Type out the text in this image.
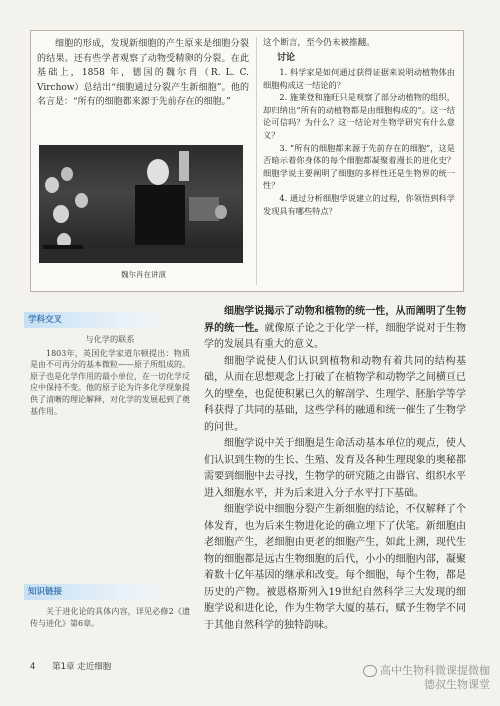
细胞的形成，发现新细胞的产生原来是细胞分裂的结果。还有些学者观察了动物受精卵的分裂。在此基础上，1858 年，德国的魏尔肖（R. L. C. Virchow）总结出“细胞通过分裂产生新细胞”。他的名言是：“所有的细胞都来源于先前存在的细胞。”
魏尔肖在讲演
这个断言，至今仍未被推翻。
讨论

1. 科学家是如何通过获得证据来说明动植物体由细胞构成这一结论的？

2. 施莱登和施旺只是观察了部分动植物的组织，却归纳出“所有的动植物都是由细胞构成的”。这一结论可信吗？为什么？这一结论对生物学研究有什么意义？

3. “所有的细胞都来源于先前存在的细胞”，这是否暗示着你身体的每个细胞都凝聚着漫长的进化史？细胞学说主要阐明了细胞的多样性还是生物界的统一性？

4. 通过分析细胞学说建立的过程，你领悟到科学发现具有哪些特点？

学科交叉
与化学的联系

1803年，英国化学家道尔顿提出：物质是由不可再分的基本微粒——原子所组成的。原子也是化学作用的最小单位，在一切化学反应中保持不变。他的原子论为许多化学现象提供了清晰的理论解释，对化学的发展起到了奠基作用。

知识链接

关于进化论的具体内容，详见必修2《遗传与进化》第6章。

细胞学说揭示了动物和植物的统一性，从而阐明了生物界的统一性。就像原子论之于化学一样，细胞学说对于生物学的发展具有重大的意义。

细胞学说使人们认识到植物和动物有着共同的结构基础，从而在思想观念上打破了在植物学和动物学之间横亘已久的壁垒，也促使积累已久的解剖学、生理学、胚胎学等学科获得了共同的基础，这些学科的融通和统一催生了生物学的问世。

细胞学说中关于细胞是生命活动基本单位的观点，使人们认识到生物的生长、生殖、发育及各种生理现象的奥秘都需要到细胞中去寻找，生物学的研究随之由器官、组织水平进入细胞水平，并为后来进入分子水平打下基础。

细胞学说中细胞分裂产生新细胞的结论，不仅解释了个体发育，也为后来生物进化论的确立埋下了伏笔。新细胞由老细胞产生，老细胞由更老的细胞产生，如此上溯，现代生物的细胞都是远古生物细胞的后代，小小的细胞内部，凝聚着数十亿年基因的继承和改变。每个细胞，每个生物，都是历史的产物。被恩格斯列入19世纪自然科学三大发现的细胞学说和进化论，作为生物学大厦的基石，赋予生物学不同于其他自然科学的独特韵味。

4 第1章 走近细胞	高中生物科微课提微枷
德叔生物课堂
